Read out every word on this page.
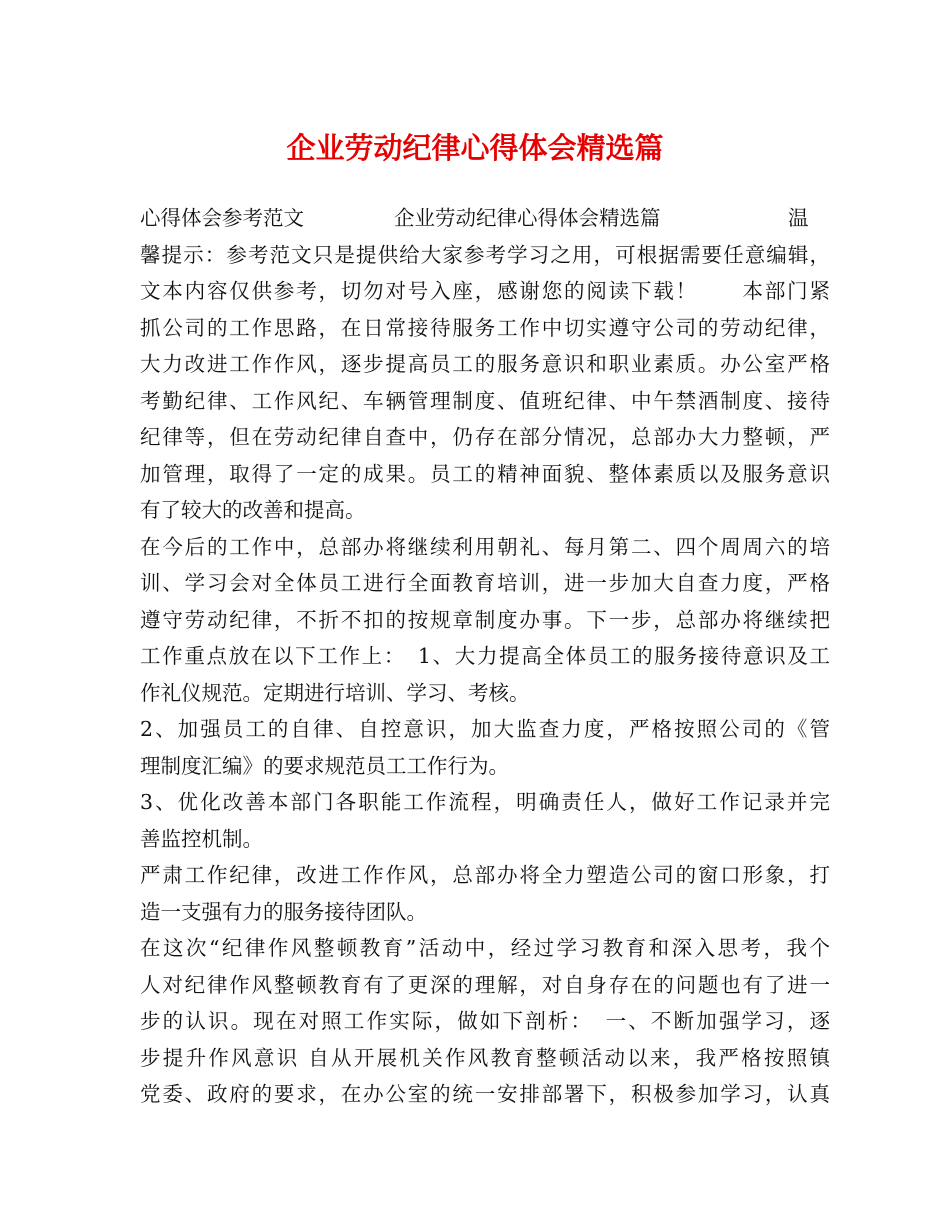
企业劳动纪律心得体会精选篇
心得体会参考范文	企业劳动纪律心得体会精选篇	温
馨提示：参考范文只是提供给大家参考学习之用，可根据需要任意编辑，
文本内容仅供参考，切勿对号入座，感谢您的阅读下载！　　本部门紧
抓公司的工作思路，在日常接待服务工作中切实遵守公司的劳动纪律，
大力改进工作作风，逐步提高员工的服务意识和职业素质。办公室严格
考勤纪律、工作风纪、车辆管理制度、值班纪律、中午禁酒制度、接待
纪律等，但在劳动纪律自查中，仍存在部分情况，总部办大力整顿，严
加管理，取得了一定的成果。员工的精神面貌、整体素质以及服务意识
有了较大的改善和提高。
在今后的工作中，总部办将继续利用朝礼、每月第二、四个周周六的培
训、学习会对全体员工进行全面教育培训，进一步加大自查力度，严格
遵守劳动纪律，不折不扣的按规章制度办事。下一步，总部办将继续把
工作重点放在以下工作上：　1、大力提高全体员工的服务接待意识及工
作礼仪规范。定期进行培训、学习、考核。
2、加强员工的自律、自控意识，加大监查力度，严格按照公司的《管
理制度汇编》的要求规范员工工作行为。
3、优化改善本部门各职能工作流程，明确责任人，做好工作记录并完
善监控机制。
严肃工作纪律，改进工作作风，总部办将全力塑造公司的窗口形象，打
造一支强有力的服务接待团队。
在这次“纪律作风整顿教育”活动中，经过学习教育和深入思考，我个
人对纪律作风整顿教育有了更深的理解，对自身存在的问题也有了进一
步的认识。现在对照工作实际，做如下剖析：　一、不断加强学习，逐
步提升作风意识 自从开展机关作风教育整顿活动以来，我严格按照镇
党委、政府的要求，在办公室的统一安排部署下，积极参加学习，认真
